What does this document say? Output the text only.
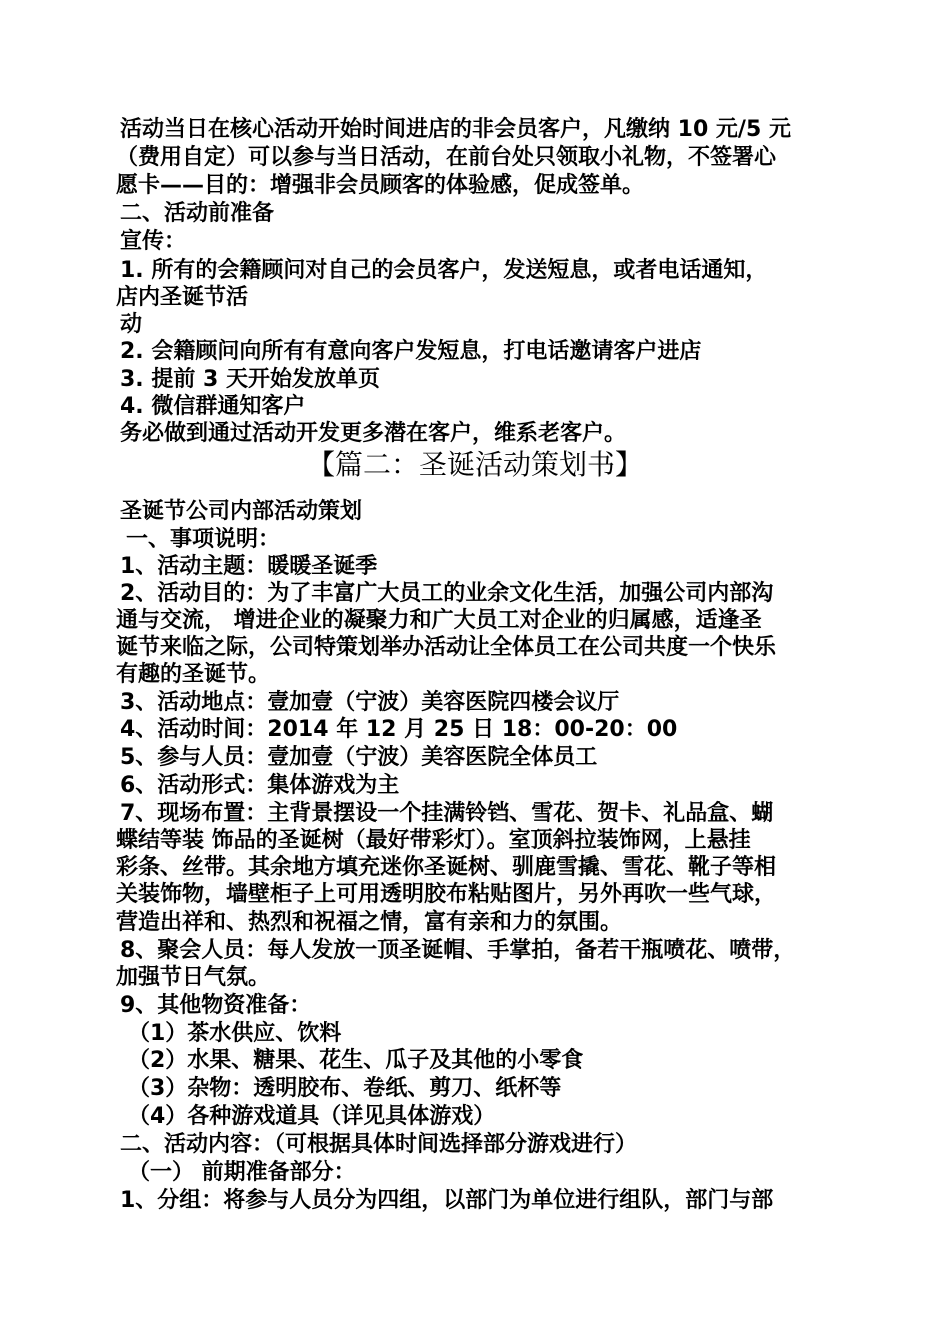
活动当日在核心活动开始时间进店的非会员客户，凡缴纳 10 元/5 元
（费用自定）可以参与当日活动，在前台处只领取小礼物，不签署心
愿卡——目的：增强非会员顾客的体验感，促成签单。
二、活动前准备
宣传：
1. 所有的会籍顾问对自己的会员客户，发送短息，或者电话通知，
店内圣诞节活
动
2. 会籍顾问向所有有意向客户发短息，打电话邀请客户进店
3. 提前 3 天开始发放单页
4. 微信群通知客户
务必做到通过活动开发更多潜在客户，维系老客户。
【篇二：圣诞活动策划书】
圣诞节公司内部活动策划
一、事项说明：
1、活动主题：暖暖圣诞季
2、活动目的：为了丰富广大员工的业余文化生活，加强公司内部沟
通与交流， 增进企业的凝聚力和广大员工对企业的归属感，适逢圣
诞节来临之际，公司特策划举办活动让全体员工在公司共度一个快乐
有趣的圣诞节。
3、活动地点：壹加壹（宁波）美容医院四楼会议厅
4、活动时间：2014 年 12 月 25 日 18：00-20：00
5、参与人员：壹加壹（宁波）美容医院全体员工
6、活动形式：集体游戏为主
7、现场布置：主背景摆设一个挂满铃铛、雪花、贺卡、礼品盒、蝴
蝶结等装 饰品的圣诞树（最好带彩灯）。室顶斜拉装饰网，上悬挂
彩条、丝带。其余地方填充迷你圣诞树、驯鹿雪撬、雪花、靴子等相
关装饰物，墙壁柜子上可用透明胶布粘贴图片，另外再吹一些气球，
营造出祥和、热烈和祝福之情，富有亲和力的氛围。
8、聚会人员：每人发放一顶圣诞帽、手掌拍，备若干瓶喷花、喷带，
加强节日气氛。
9、其他物资准备：
（1）茶水供应、饮料
（2）水果、糖果、花生、瓜子及其他的小零食
（3）杂物：透明胶布、卷纸、剪刀、纸杯等
（4）各种游戏道具（详见具体游戏）
二、活动内容：（可根据具体时间选择部分游戏进行）
（一） 前期准备部分：
1、分组：将参与人员分为四组，以部门为单位进行组队，部门与部
